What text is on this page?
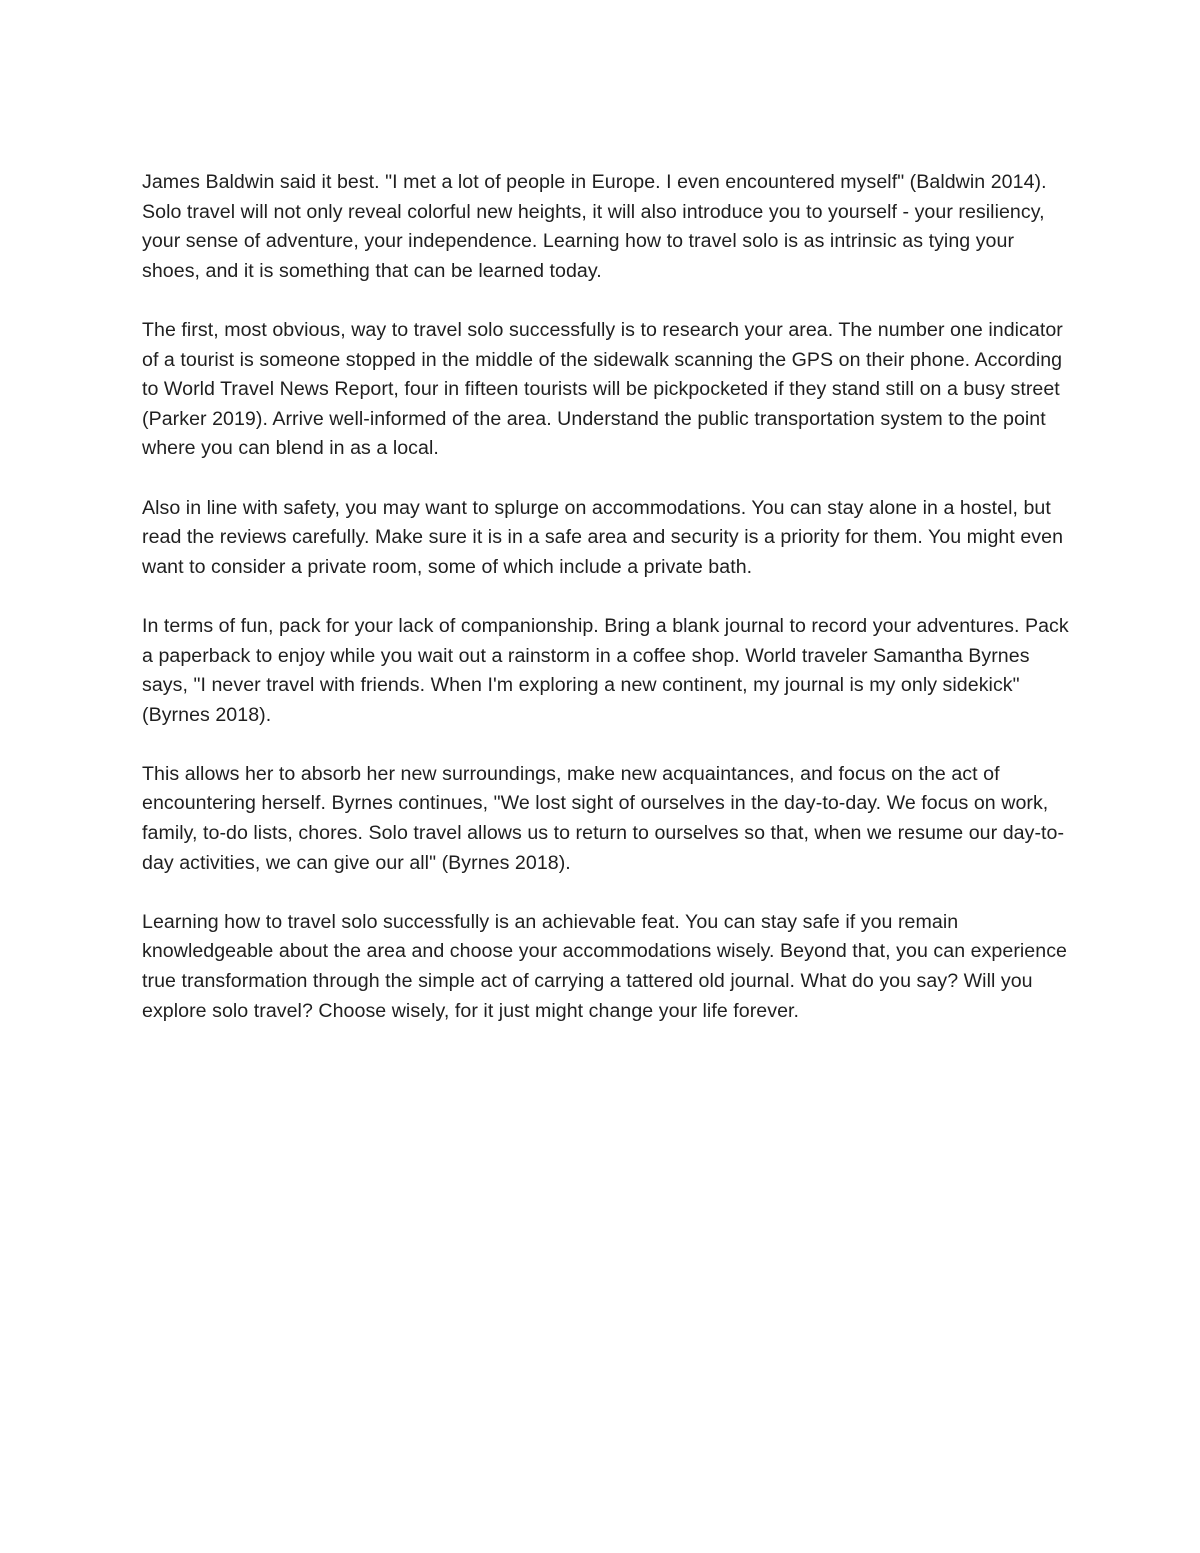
James Baldwin said it best. "I met a lot of people in Europe. I even encountered myself" (Baldwin 2014). Solo travel will not only reveal colorful new heights, it will also introduce you to yourself - your resiliency, your sense of adventure, your independence. Learning how to travel solo is as intrinsic as tying your shoes, and it is something that can be learned today.

The first, most obvious, way to travel solo successfully is to research your area. The number one indicator of a tourist is someone stopped in the middle of the sidewalk scanning the GPS on their phone. According to World Travel News Report, four in fifteen tourists will be pickpocketed if they stand still on a busy street (Parker 2019). Arrive well-informed of the area. Understand the public transportation system to the point where you can blend in as a local.

Also in line with safety, you may want to splurge on accommodations. You can stay alone in a hostel, but read the reviews carefully. Make sure it is in a safe area and security is a priority for them. You might even want to consider a private room, some of which include a private bath.

In terms of fun, pack for your lack of companionship. Bring a blank journal to record your adventures. Pack a paperback to enjoy while you wait out a rainstorm in a coffee shop. World traveler Samantha Byrnes says, "I never travel with friends. When I'm exploring a new continent, my journal is my only sidekick" (Byrnes 2018).

This allows her to absorb her new surroundings, make new acquaintances, and focus on the act of encountering herself. Byrnes continues, "We lost sight of ourselves in the day-to-day. We focus on work, family, to-do lists, chores. Solo travel allows us to return to ourselves so that, when we resume our day-to-day activities, we can give our all" (Byrnes 2018).

Learning how to travel solo successfully is an achievable feat. You can stay safe if you remain knowledgeable about the area and choose your accommodations wisely. Beyond that, you can experience true transformation through the simple act of carrying a tattered old journal. What do you say? Will you explore solo travel? Choose wisely, for it just might change your life forever.
